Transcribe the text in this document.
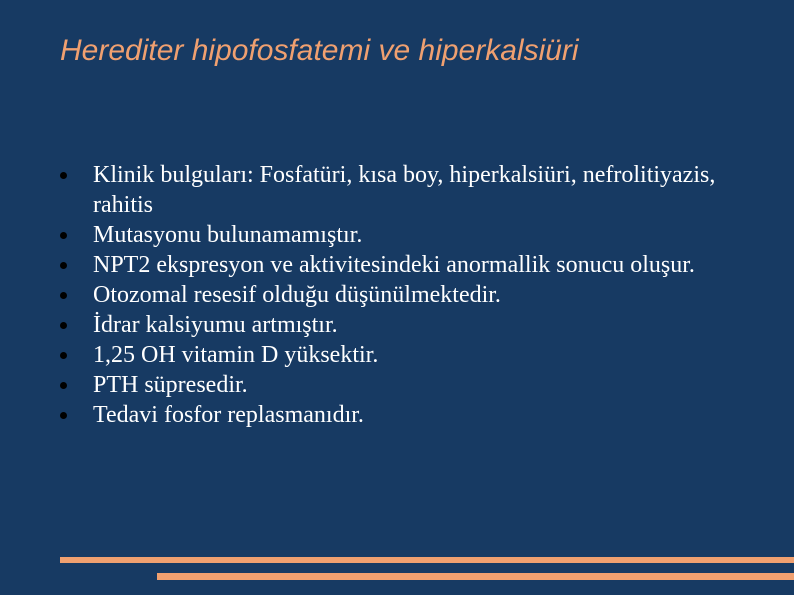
Herediter hipofosfatemi ve hiperkalsiüri
Klinik bulguları: Fosfatüri, kısa boy, hiperkalsiüri, nefrolitiyazis, rahitis
Mutasyonu bulunamamıştır.
NPT2 ekspresyon ve aktivitesindeki anormallik sonucu oluşur.
Otozomal resesif olduğu düşünülmektedir.
İdrar kalsiyumu artmıştır.
1,25 OH vitamin D yüksektir.
PTH süpresedir.
Tedavi fosfor replasmanıdır.
